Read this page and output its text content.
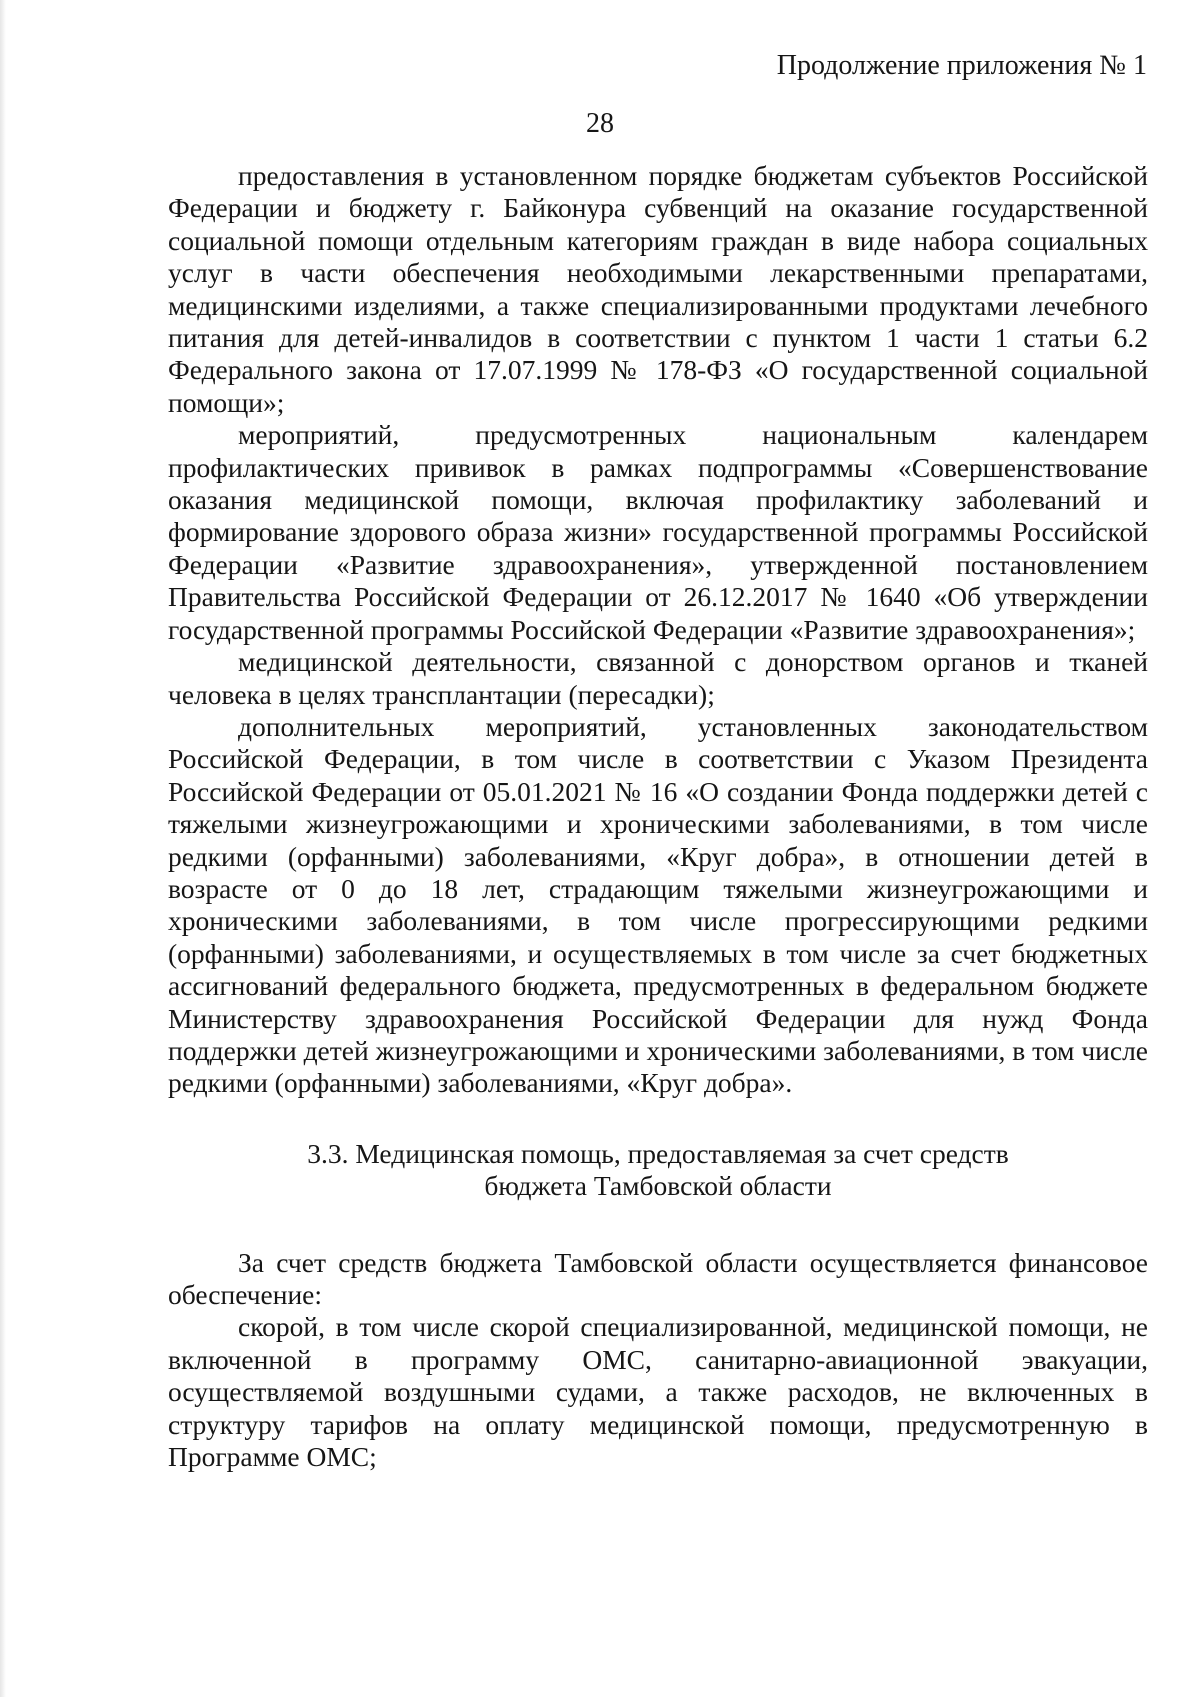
Продолжение приложения № 1
28

предоставления в установленном порядке бюджетам субъектов Российской Федерации и бюджету г. Байконура субвенций на оказание государственной социальной помощи отдельным категориям граждан в виде набора социальных услуг в части обеспечения необходимыми лекарственными препаратами, медицинскими изделиями, а также специализированными продуктами лечебного питания для детей-инвалидов в соответствии с пунктом 1 части 1 статьи 6.2 Федерального закона от 17.07.1999 № 178-ФЗ «О государственной социальной помощи»;

мероприятий, предусмотренных национальным календарем профилактических прививок в рамках подпрограммы «Совершенствование оказания медицинской помощи, включая профилактику заболеваний и формирование здорового образа жизни» государственной программы Российской Федерации «Развитие здравоохранения», утвержденной постановлением Правительства Российской Федерации от 26.12.2017 № 1640 «Об утверждении государственной программы Российской Федерации «Развитие здравоохранения»;

медицинской деятельности, связанной с донорством органов и тканей человека в целях трансплантации (пересадки);

дополнительных мероприятий, установленных законодательством Российской Федерации, в том числе в соответствии с Указом Президента Российской Федерации от 05.01.2021 № 16 «О создании Фонда поддержки детей с тяжелыми жизнеугрожающими и хроническими заболеваниями, в том числе редкими (орфанными) заболеваниями, «Круг добра», в отношении детей в возрасте от 0 до 18 лет, страдающим тяжелыми жизнеугрожающими и хроническими заболеваниями, в том числе прогрессирующими редкими (орфанными) заболеваниями, и осуществляемых в том числе за счет бюджетных ассигнований федерального бюджета, предусмотренных в федеральном бюджете Министерству здравоохранения Российской Федерации для нужд Фонда поддержки детей жизнеугрожающими и хроническими заболеваниями, в том числе редкими (орфанными) заболеваниями, «Круг добра».

3.3. Медицинская помощь, предоставляемая за счет средств
бюджета Тамбовской области

За счет средств бюджета Тамбовской области осуществляется финансовое обеспечение:

скорой, в том числе скорой специализированной, медицинской помощи, не включенной в программу ОМС, санитарно-авиационной эвакуации, осуществляемой воздушными судами, а также расходов, не включенных в структуру тарифов на оплату медицинской помощи, предусмотренную в Программе ОМС;
